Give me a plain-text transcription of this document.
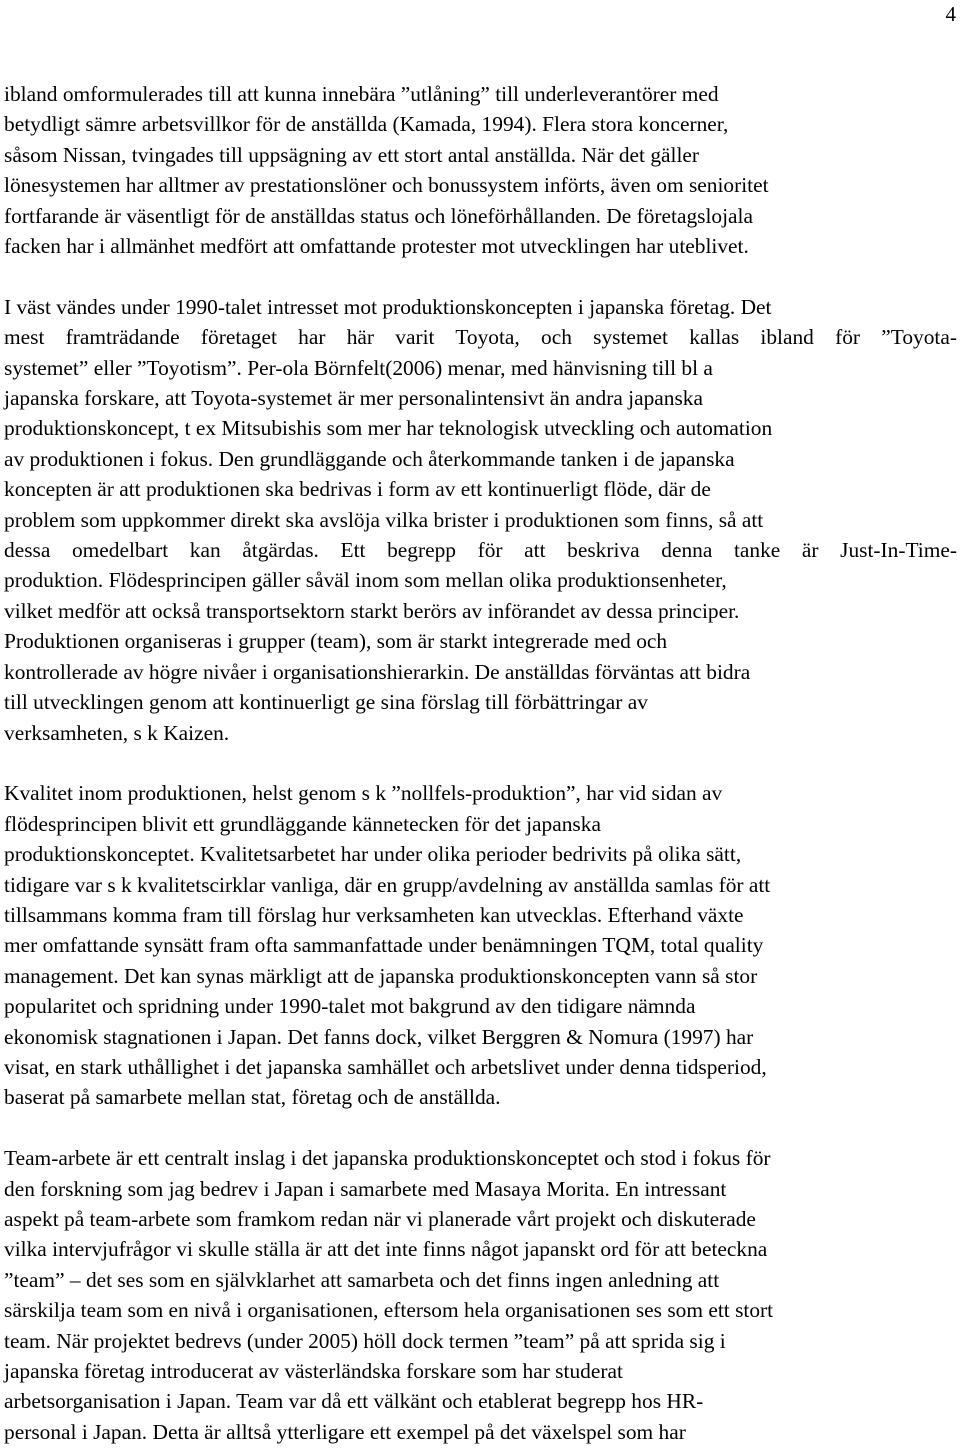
4
ibland omformulerades till att kunna innebära ”utlåning” till underleverantörer med
betydligt sämre arbetsvillkor för de anställda (Kamada, 1994). Flera stora koncerner,
såsom Nissan, tvingades till uppsägning av ett stort antal anställda. När det gäller
lönesystemen har alltmer av prestationslöner och bonussystem införts, även om senioritet
fortfarande är väsentligt för de anställdas status och löneförhållanden. De företagslojala
facken har i allmänhet medfört att omfattande protester mot utvecklingen har uteblivet.
I väst vändes under 1990-talet intresset mot produktionskoncepten i japanska företag. Det
mest framträdande företaget har här varit Toyota, och systemet kallas ibland för ”Toyota-
systemet” eller ”Toyotism”. Per-ola Börnfelt(2006) menar, med hänvisning till bl a
japanska forskare, att Toyota-systemet är mer personalintensivt än andra japanska
produktionskoncept, t ex Mitsubishis som mer har teknologisk utveckling och automation
av produktionen i fokus. Den grundläggande och återkommande tanken i de japanska
koncepten är att produktionen ska bedrivas i form av ett kontinuerligt flöde, där de
problem som uppkommer direkt ska avslöja vilka brister i produktionen som finns, så att
dessa omedelbart kan åtgärdas. Ett begrepp för att beskriva denna tanke är Just-In-Time-
produktion. Flödesprincipen gäller såväl inom som mellan olika produktionsenheter,
vilket medför att också transportsektorn starkt berörs av införandet av dessa principer.
Produktionen organiseras i grupper (team), som är starkt integrerade med och
kontrollerade av högre nivåer i organisationshierarkin. De anställdas förväntas att bidra
till utvecklingen genom att kontinuerligt ge sina förslag till förbättringar av
verksamheten, s k Kaizen.
Kvalitet inom produktionen, helst genom s k ”nollfels-produktion”, har vid sidan av
flödesprincipen blivit ett grundläggande kännetecken för det japanska
produktionskonceptet. Kvalitetsarbetet har under olika perioder bedrivits på olika sätt,
tidigare var s k kvalitetscirklar vanliga, där en grupp/avdelning av anställda samlas för att
tillsammans komma fram till förslag hur verksamheten kan utvecklas. Efterhand växte
mer omfattande synsätt fram ofta sammanfattade under benämningen TQM, total quality
management. Det kan synas märkligt att de japanska produktionskoncepten vann så stor
popularitet och spridning under 1990-talet mot bakgrund av den tidigare nämnda
ekonomisk stagnationen i Japan. Det fanns dock, vilket Berggren & Nomura (1997) har
visat, en stark uthållighet i det japanska samhället och arbetslivet under denna tidsperiod,
baserat på samarbete mellan stat, företag och de anställda.
Team-arbete är ett centralt inslag i det japanska produktionskonceptet och stod i fokus för
den forskning som jag bedrev i Japan i samarbete med Masaya Morita. En intressant
aspekt på team-arbete som framkom redan när vi planerade vårt projekt och diskuterade
vilka intervjufrågor vi skulle ställa är att det inte finns något japanskt ord för att beteckna
”team” – det ses som en självklarhet att samarbeta och det finns ingen anledning att
särskilja team som en nivå i organisationen, eftersom hela organisationen ses som ett stort
team. När projektet bedrevs (under 2005) höll dock termen ”team” på att sprida sig i
japanska företag introducerat av västerländska forskare som har studerat
arbetsorganisation i Japan. Team var då ett välkänt och etablerat begrepp hos HR-
personal i Japan. Detta är alltså ytterligare ett exempel på det växelspel som har
